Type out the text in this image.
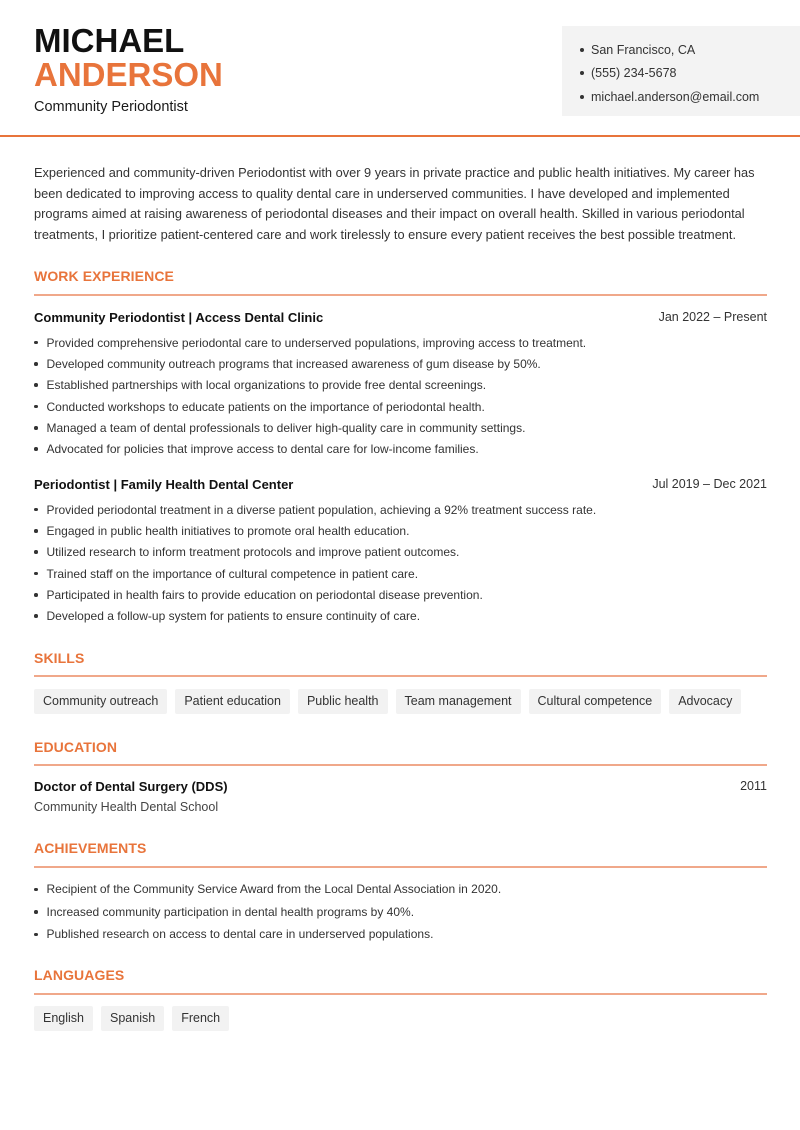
MICHAEL
ANDERSON
Community Periodontist
San Francisco, CA
(555) 234-5678
michael.anderson@email.com

Experienced and community-driven Periodontist with over 9 years in private practice and public health initiatives. My career has been dedicated to improving access to quality dental care in underserved communities. I have developed and implemented programs aimed at raising awareness of periodontal diseases and their impact on overall health. Skilled in various periodontal treatments, I prioritize patient-centered care and work tirelessly to ensure every patient receives the best possible treatment.

WORK EXPERIENCE
Community Periodontist | Access Dental Clinic	Jan 2022 – Present
Provided comprehensive periodontal care to underserved populations, improving access to treatment.
Developed community outreach programs that increased awareness of gum disease by 50%.
Established partnerships with local organizations to provide free dental screenings.
Conducted workshops to educate patients on the importance of periodontal health.
Managed a team of dental professionals to deliver high-quality care in community settings.
Advocated for policies that improve access to dental care for low-income families.
Periodontist | Family Health Dental Center	Jul 2019 – Dec 2021
Provided periodontal treatment in a diverse patient population, achieving a 92% treatment success rate.
Engaged in public health initiatives to promote oral health education.
Utilized research to inform treatment protocols and improve patient outcomes.
Trained staff on the importance of cultural competence in patient care.
Participated in health fairs to provide education on periodontal disease prevention.
Developed a follow-up system for patients to ensure continuity of care.
SKILLS
Community outreach	Patient education	Public health	Team management	Cultural competence	Advocacy
EDUCATION
Doctor of Dental Surgery (DDS)	2011
Community Health Dental School
ACHIEVEMENTS
Recipient of the Community Service Award from the Local Dental Association in 2020.
Increased community participation in dental health programs by 40%.
Published research on access to dental care in underserved populations.
LANGUAGES
English	Spanish	French
